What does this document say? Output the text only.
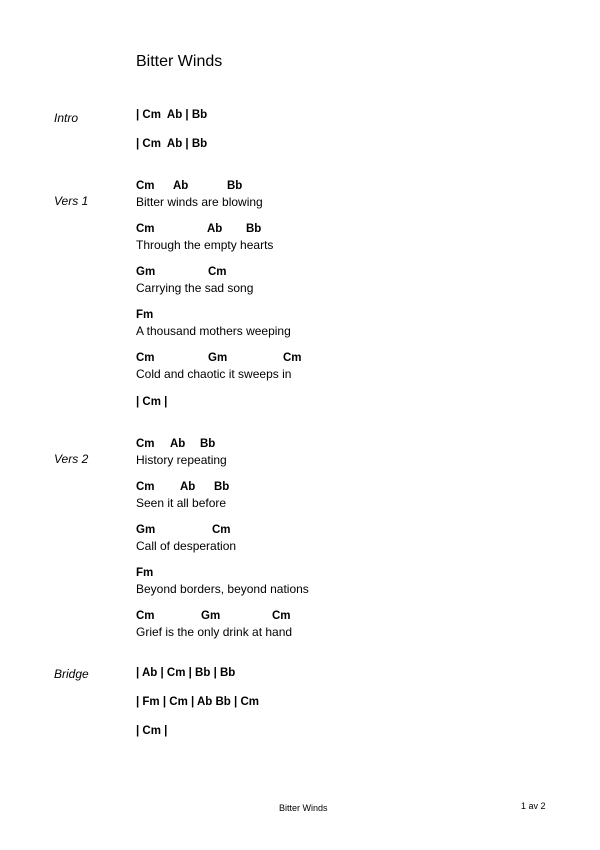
Bitter Winds
Intro	| Cm  Ab | Bb
| Cm  Ab | Bb
Vers 1
Cm Ab	Bb
Bitter winds are blowing
Cm	Ab Bb
Through the empty hearts
Gm	Cm
Carrying the sad song
Fm
A thousand mothers weeping
Cm	Gm	Cm
Cold and chaotic it sweeps in
| Cm |
Vers 2
Cm Ab Bb
History repeating
Cm Ab Bb
Seen it all before
Gm	Cm
Call of desperation
Fm
Beyond borders, beyond nations
Cm	Gm	Cm
Grief is the only drink at hand
Bridge	| Ab | Cm | Bb | Bb
| Fm | Cm | Ab Bb | Cm
| Cm |
Bitter Winds	1 av 2
